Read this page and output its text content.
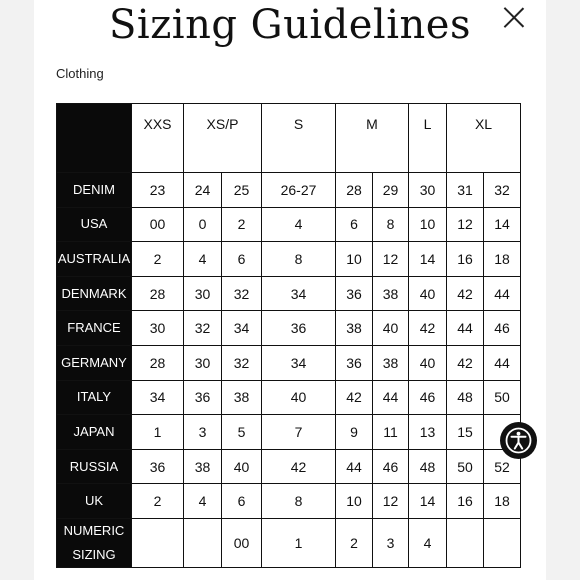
Sizing Guidelines
Clothing
	XXS	XS/P		S	M		L	XL	
DENIM	23	24	25	26-27	28	29	30	31	32
USA	00	0	2	4	6	8	10	12	14
AUSTRALIA	2	4	6	8	10	12	14	16	18
DENMARK	28	30	32	34	36	38	40	42	44
FRANCE	30	32	34	36	38	40	42	44	46
GERMANY	28	30	32	34	36	38	40	42	44
ITALY	34	36	38	40	42	44	46	48	50
JAPAN	1	3	5	7	9	11	13	15	
RUSSIA	36	38	40	42	44	46	48	50	52
UK	2	4	6	8	10	12	14	16	18
NUMERIC SIZING			00	1	2	3	4		
